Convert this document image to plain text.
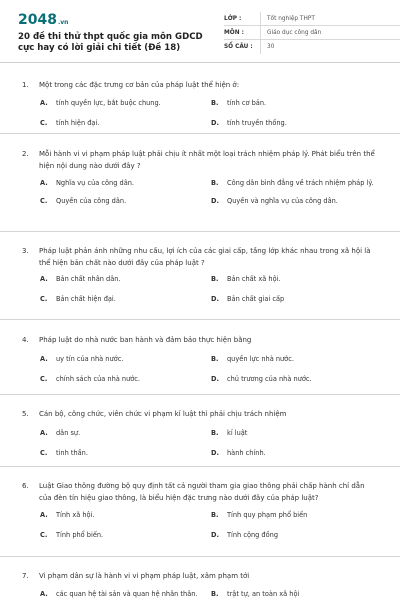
2048 .vn
20 đề thi thử thpt quốc gia môn GDCD cực hay có lời giải chi tiết (Đề 18)
LỚP :	Tốt nghiệp THPT
MÔN :	Giáo dục công dân
SỐ CÂU :	30
1.	Một trong các đặc trưng cơ bản của pháp luật thể hiện ở:
A.	tính quyền lực, bắt buộc chung.	B.	tính cơ bản.
C.	tính hiện đại.	D.	tính truyền thống.
2.	Mỗi hành vi vi phạm pháp luật phải chịu ít nhất một loại trách nhiệm pháp lý. Phát biểu trên thể hiện nội dung nào dưới đây ?
A.	Nghĩa vụ của công dân.	B.	Công dân bình đẳng về trách nhiệm pháp lý.
C.	Quyền của công dân.	D.	Quyền và nghĩa vụ của công dân.
3.	Pháp luật phản ánh những nhu cầu, lợi ích của các giai cấp, tầng lớp khác nhau trong xã hội là thể hiện bản chất nào dưới đây của pháp luật ?
A.	Bản chất nhân dân.	B.	Bản chất xã hội.
C.	Bản chất hiện đại.	D.	Bản chất giai cấp
4.	Pháp luật do nhà nước ban hành và đảm bảo thực hiện bằng
A.	uy tín của nhà nước.	B.	quyền lực nhà nước.
C.	chính sách của nhà nước.	D.	chủ trương của nhà nước.
5.	Cán bộ, công chức, viên chức vi phạm kỉ luật thì phải chịu trách nhiệm
A.	dân sự.	B.	kỉ luật
C.	tinh thần.	D.	hành chính.
6.	Luật Giao thông đường bộ quy định tất cả người tham gia giao thông phải chấp hành chỉ dẫn của đèn tín hiệu giao thông, là biểu hiện đặc trưng nào dưới đây của pháp luật?
A.	Tính xã hội.	B.	Tính quy phạm phổ biến
C.	Tính phổ biến.	D.	Tính cộng đồng
7.	Vi phạm dân sự là hành vi vi phạm pháp luật, xâm phạm tới
A.	các quan hệ tài sản và quan hệ nhân thân.	B.	trật tự, an toàn xã hội
